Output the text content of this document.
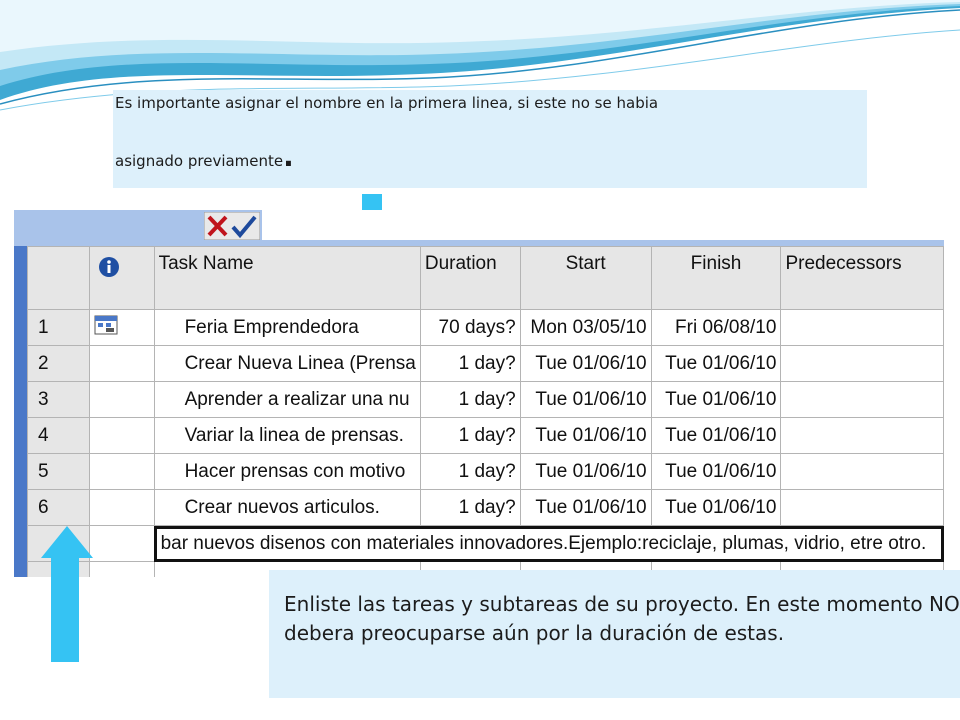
Es importante asignar el nombre en la primera linea, si este no se habia
asignado previamente.
		Task Name	Duration	Start	Finish	Predecessors
1		Feria Emprendedora	70 days?	Mon 03/05/10	Fri 06/08/10	
2		Crear Nueva Linea (Prensa	1 day?	Tue 01/06/10	Tue 01/06/10	
3		Aprender a realizar una nu	1 day?	Tue 01/06/10	Tue 01/06/10	
4		Variar la linea de prensas.	1 day?	Tue 01/06/10	Tue 01/06/10	
5		Hacer prensas con motivo	1 day?	Tue 01/06/10	Tue 01/06/10	
6		Crear nuevos articulos.	1 day?	Tue 01/06/10	Tue 01/06/10	
		bar nuevos disenos con materiales innovadores.Ejemplo:reciclaje, plumas, vidrio, etre otro.				

Enliste las tareas y subtareas de su proyecto. En este momento NO debera preocuparse aún por la duración de estas.
